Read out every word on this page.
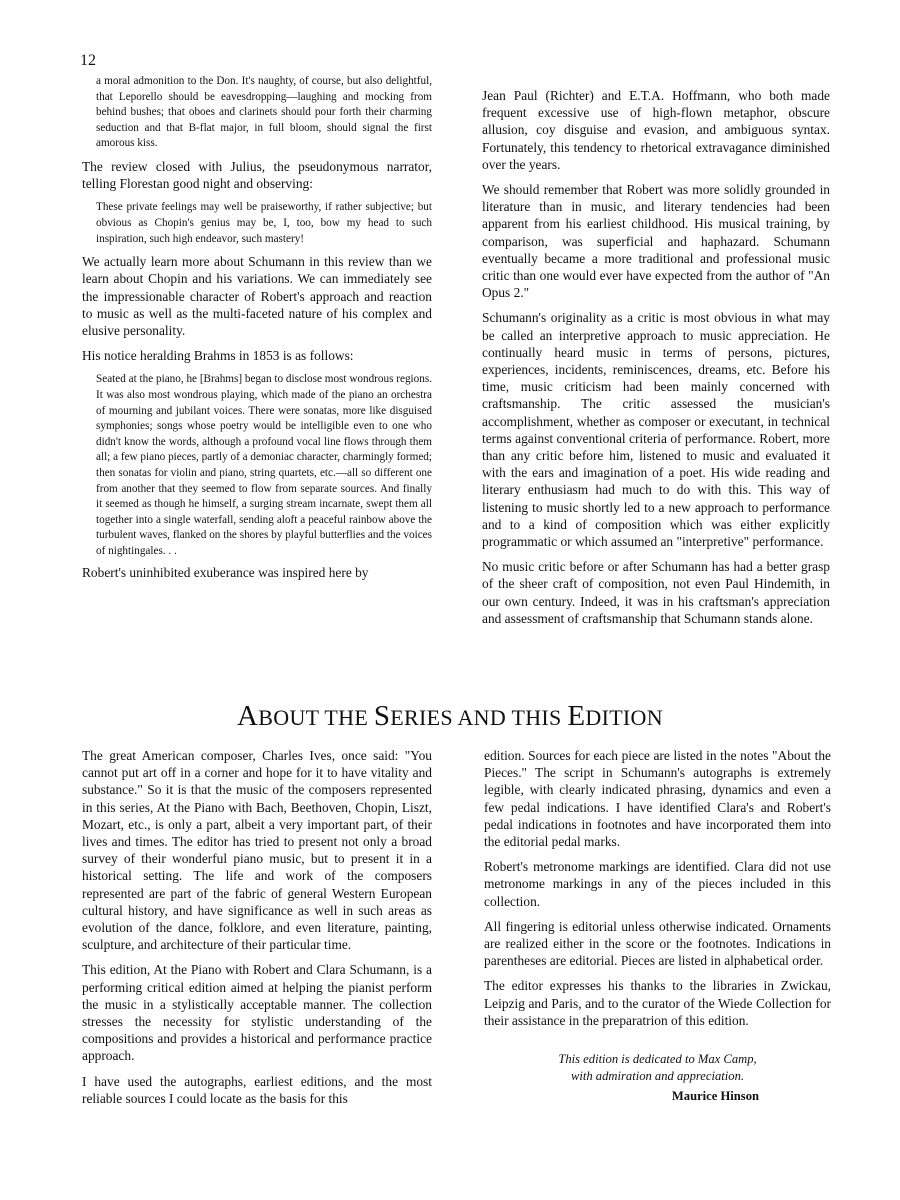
12

a moral admonition to the Don. It's naughty, of course, but also delightful, that Leporello should be eavesdropping—laughing and mocking from behind bushes; that oboes and clarinets should pour forth their charming seduction and that B-flat major, in full bloom, should signal the first amorous kiss.

The review closed with Julius, the pseudonymous narrator, telling Florestan good night and observing:

These private feelings may well be praiseworthy, if rather subjective; but obvious as Chopin's genius may be, I, too, bow my head to such inspiration, such high endeavor, such mastery!

We actually learn more about Schumann in this review than we learn about Chopin and his variations. We can immediately see the impressionable character of Robert's approach and reaction to music as well as the multi-faceted nature of his complex and elusive personality.

His notice heralding Brahms in 1853 is as follows:

Seated at the piano, he [Brahms] began to disclose most wondrous regions. It was also most wondrous playing, which made of the piano an orchestra of mourning and jubilant voices. There were sonatas, more like disguised symphonies; songs whose poetry would be intelligible even to one who didn't know the words, although a profound vocal line flows through them all; a few piano pieces, partly of a demoniac character, charmingly formed; then sonatas for violin and piano, string quartets, etc.—all so different one from another that they seemed to flow from separate sources. And finally it seemed as though he himself, a surging stream incarnate, swept them all together into a single waterfall, sending aloft a peaceful rainbow above the turbulent waves, flanked on the shores by playful butterflies and the voices of nightingales. . .

Robert's uninhibited exuberance was inspired here by

Jean Paul (Richter) and E.T.A. Hoffmann, who both made frequent excessive use of high-flown metaphor, obscure allusion, coy disguise and evasion, and ambiguous syntax. Fortunately, this tendency to rhetorical extravagance diminished over the years.

We should remember that Robert was more solidly grounded in literature than in music, and literary tendencies had been apparent from his earliest childhood. His musical training, by comparison, was superficial and haphazard. Schumann eventually became a more traditional and professional music critic than one would ever have expected from the author of "An Opus 2."

Schumann's originality as a critic is most obvious in what may be called an interpretive approach to music appreciation. He continually heard music in terms of persons, pictures, experiences, incidents, reminiscences, dreams, etc. Before his time, music criticism had been mainly concerned with craftsmanship. The critic assessed the musician's accomplishment, whether as composer or executant, in technical terms against conventional criteria of performance. Robert, more than any critic before him, listened to music and evaluated it with the ears and imagination of a poet. His wide reading and literary enthusiasm had much to do with this. This way of listening to music shortly led to a new approach to performance and to a kind of composition which was either explicitly programmatic or which assumed an "interpretive" performance.

No music critic before or after Schumann has had a better grasp of the sheer craft of composition, not even Paul Hindemith, in our own century. Indeed, it was in his craftsman's appreciation and assessment of craftsmanship that Schumann stands alone.

ABOUT THE SERIES AND THIS EDITION

The great American composer, Charles Ives, once said: "You cannot put art off in a corner and hope for it to have vitality and substance." So it is that the music of the composers represented in this series, At the Piano with Bach, Beethoven, Chopin, Liszt, Mozart, etc., is only a part, albeit a very important part, of their lives and times. The editor has tried to present not only a broad survey of their wonderful piano music, but to present it in a historical setting. The life and work of the composers represented are part of the fabric of general Western European cultural history, and have significance as well in such areas as evolution of the dance, folklore, and even literature, painting, sculpture, and architecture of their particular time.

This edition, At the Piano with Robert and Clara Schumann, is a performing critical edition aimed at helping the pianist perform the music in a stylistically acceptable manner. The collection stresses the necessity for stylistic understanding of the compositions and provides a historical and performance practice approach.

I have used the autographs, earliest editions, and the most reliable sources I could locate as the basis for this

edition. Sources for each piece are listed in the notes "About the Pieces." The script in Schumann's autographs is extremely legible, with clearly indicated phrasing, dynamics and even a few pedal indications. I have identified Clara's and Robert's pedal indications in footnotes and have incorporated them into the editorial pedal marks.

Robert's metronome markings are identified. Clara did not use metronome markings in any of the pieces included in this collection.

All fingering is editorial unless otherwise indicated. Ornaments are realized either in the score or the footnotes. Indications in parentheses are editorial. Pieces are listed in alphabetical order.

The editor expresses his thanks to the libraries in Zwickau, Leipzig and Paris, and to the curator of the Wiede Collection for their assistance in the preparatrion of this edition.

This edition is dedicated to Max Camp,
with admiration and appreciation.
Maurice Hinson
